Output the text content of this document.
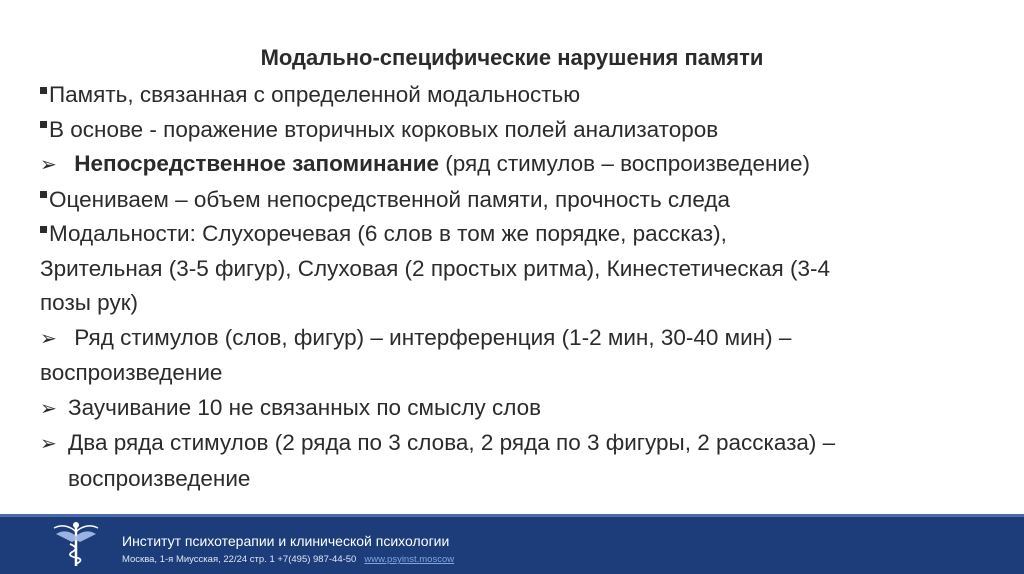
Модально-специфические нарушения памяти
Память, связанная с определенной модальностью
В основе - поражение вторичных корковых полей анализаторов
➢ Непосредственное запоминание (ряд стимулов – воспроизведение)
Оцениваем – объем непосредственной памяти, прочность следа
Модальности: Слухоречевая (6 слов в том же порядке, рассказ),
Зрительная (3-5 фигур), Слуховая (2 простых ритма), Кинестетическая (3-4
позы рук)
➢ Ряд стимулов (слов, фигур) – интерференция (1-2 мин, 30-40 мин) –
воспроизведение
➢ Заучивание 10 не связанных по смыслу слов
➢ Два ряда стимулов (2 ряда по 3 слова, 2 ряда по 3 фигуры, 2 рассказа) –
воспроизведение
Институт психотерапии и клинической психологии
Москва, 1-я Миусская, 22/24 стр. 1 +7(495) 987-44-50 www.psyinst.moscow
